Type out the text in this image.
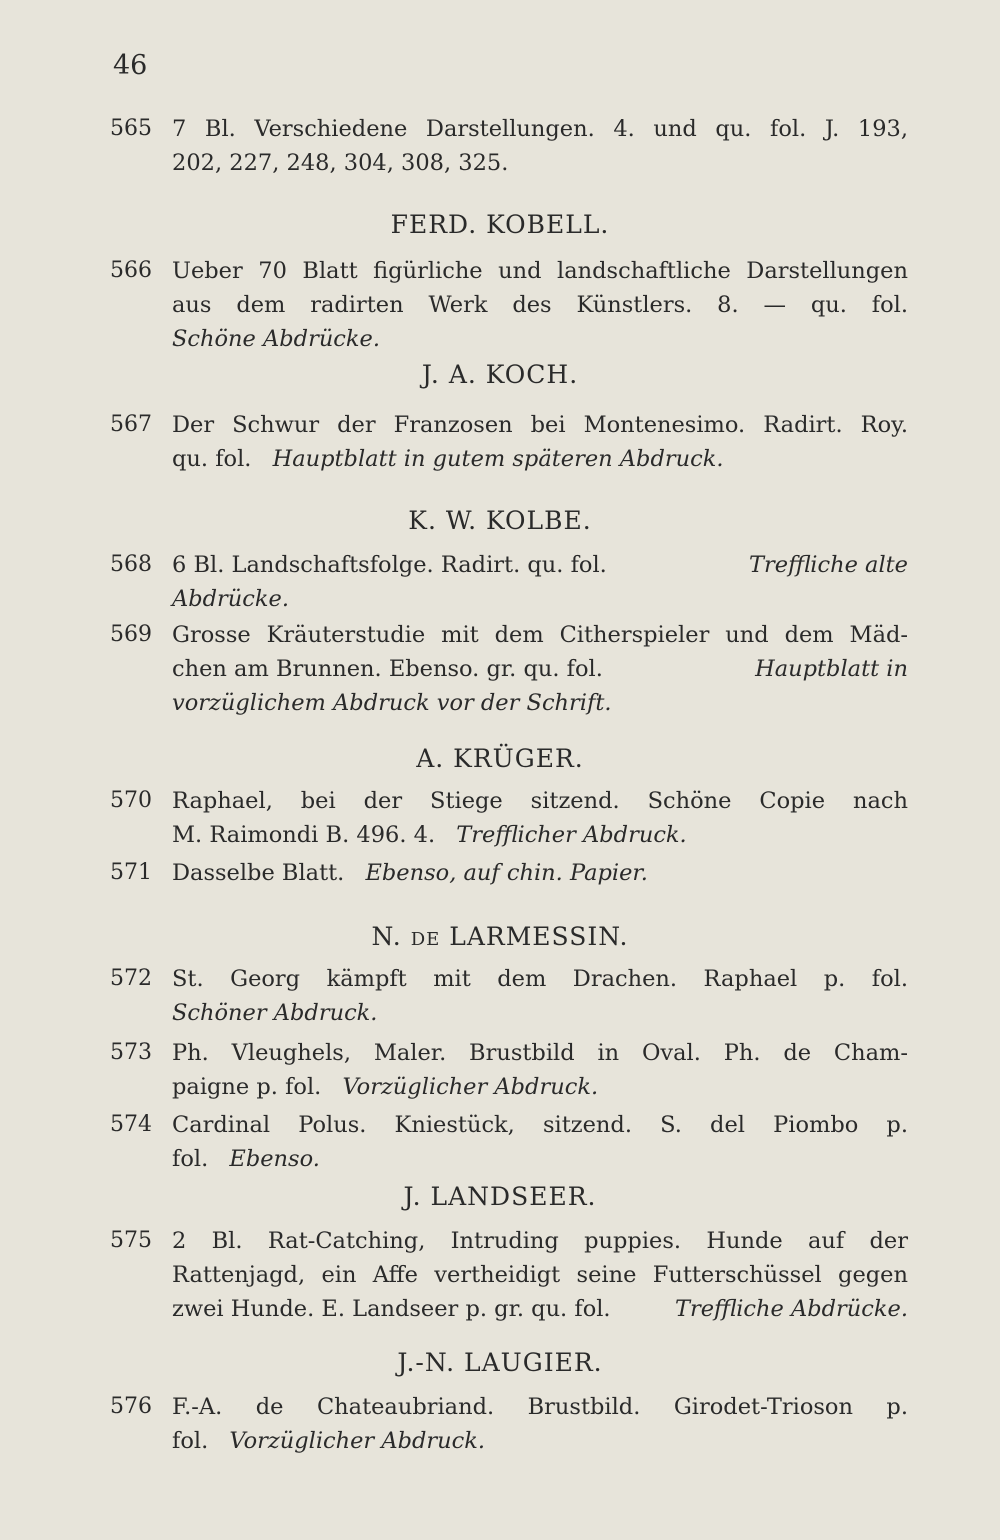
46
565 7 Bl. Verschiedene Darstellungen. 4. und qu. fol. J. 193,
202, 227, 248, 304, 308, 325.
FERD. KOBELL.
566 Ueber 70 Blatt figürliche und landschaftliche Darstellungen
aus dem radirten Werk des Künstlers. 8. — qu. fol.
Schöne Abdrücke.
J. A. KOCH.
567 Der Schwur der Franzosen bei Montenesimo. Radirt. Roy.
qu. fol. Hauptblatt in gutem späteren Abdruck.
K. W. KOLBE.
568 6 Bl. Landschaftsfolge. Radirt. qu. fol.	Treffliche alte
Abdrücke.
569 Grosse Kräuterstudie mit dem Citherspieler und dem Mäd-
chen am Brunnen. Ebenso. gr. qu. fol.	Hauptblatt in
vorzüglichem Abdruck vor der Schrift.
A. KRÜGER.
570 Raphael, bei der Stiege sitzend. Schöne Copie nach
M. Raimondi B. 496. 4. Trefflicher Abdruck.
571 Dasselbe Blatt. Ebenso, auf chin. Papier.
N. DE LARMESSIN.
572 St. Georg kämpft mit dem Drachen. Raphael p. fol.
Schöner Abdruck.
573 Ph. Vleughels, Maler. Brustbild in Oval. Ph. de Cham-
paigne p. fol. Vorzüglicher Abdruck.
574 Cardinal Polus. Kniestück, sitzend. S. del Piombo p.
fol. Ebenso.
J. LANDSEER.
575 2 Bl. Rat-Catching, Intruding puppies. Hunde auf der
Rattenjagd, ein Affe vertheidigt seine Futterschüssel gegen
zwei Hunde. E. Landseer p. gr. qu. fol.	Treffliche Abdrücke.
J.-N. LAUGIER.
576 F.-A. de Chateaubriand. Brustbild. Girodet-Trioson p.
fol. Vorzüglicher Abdruck.
